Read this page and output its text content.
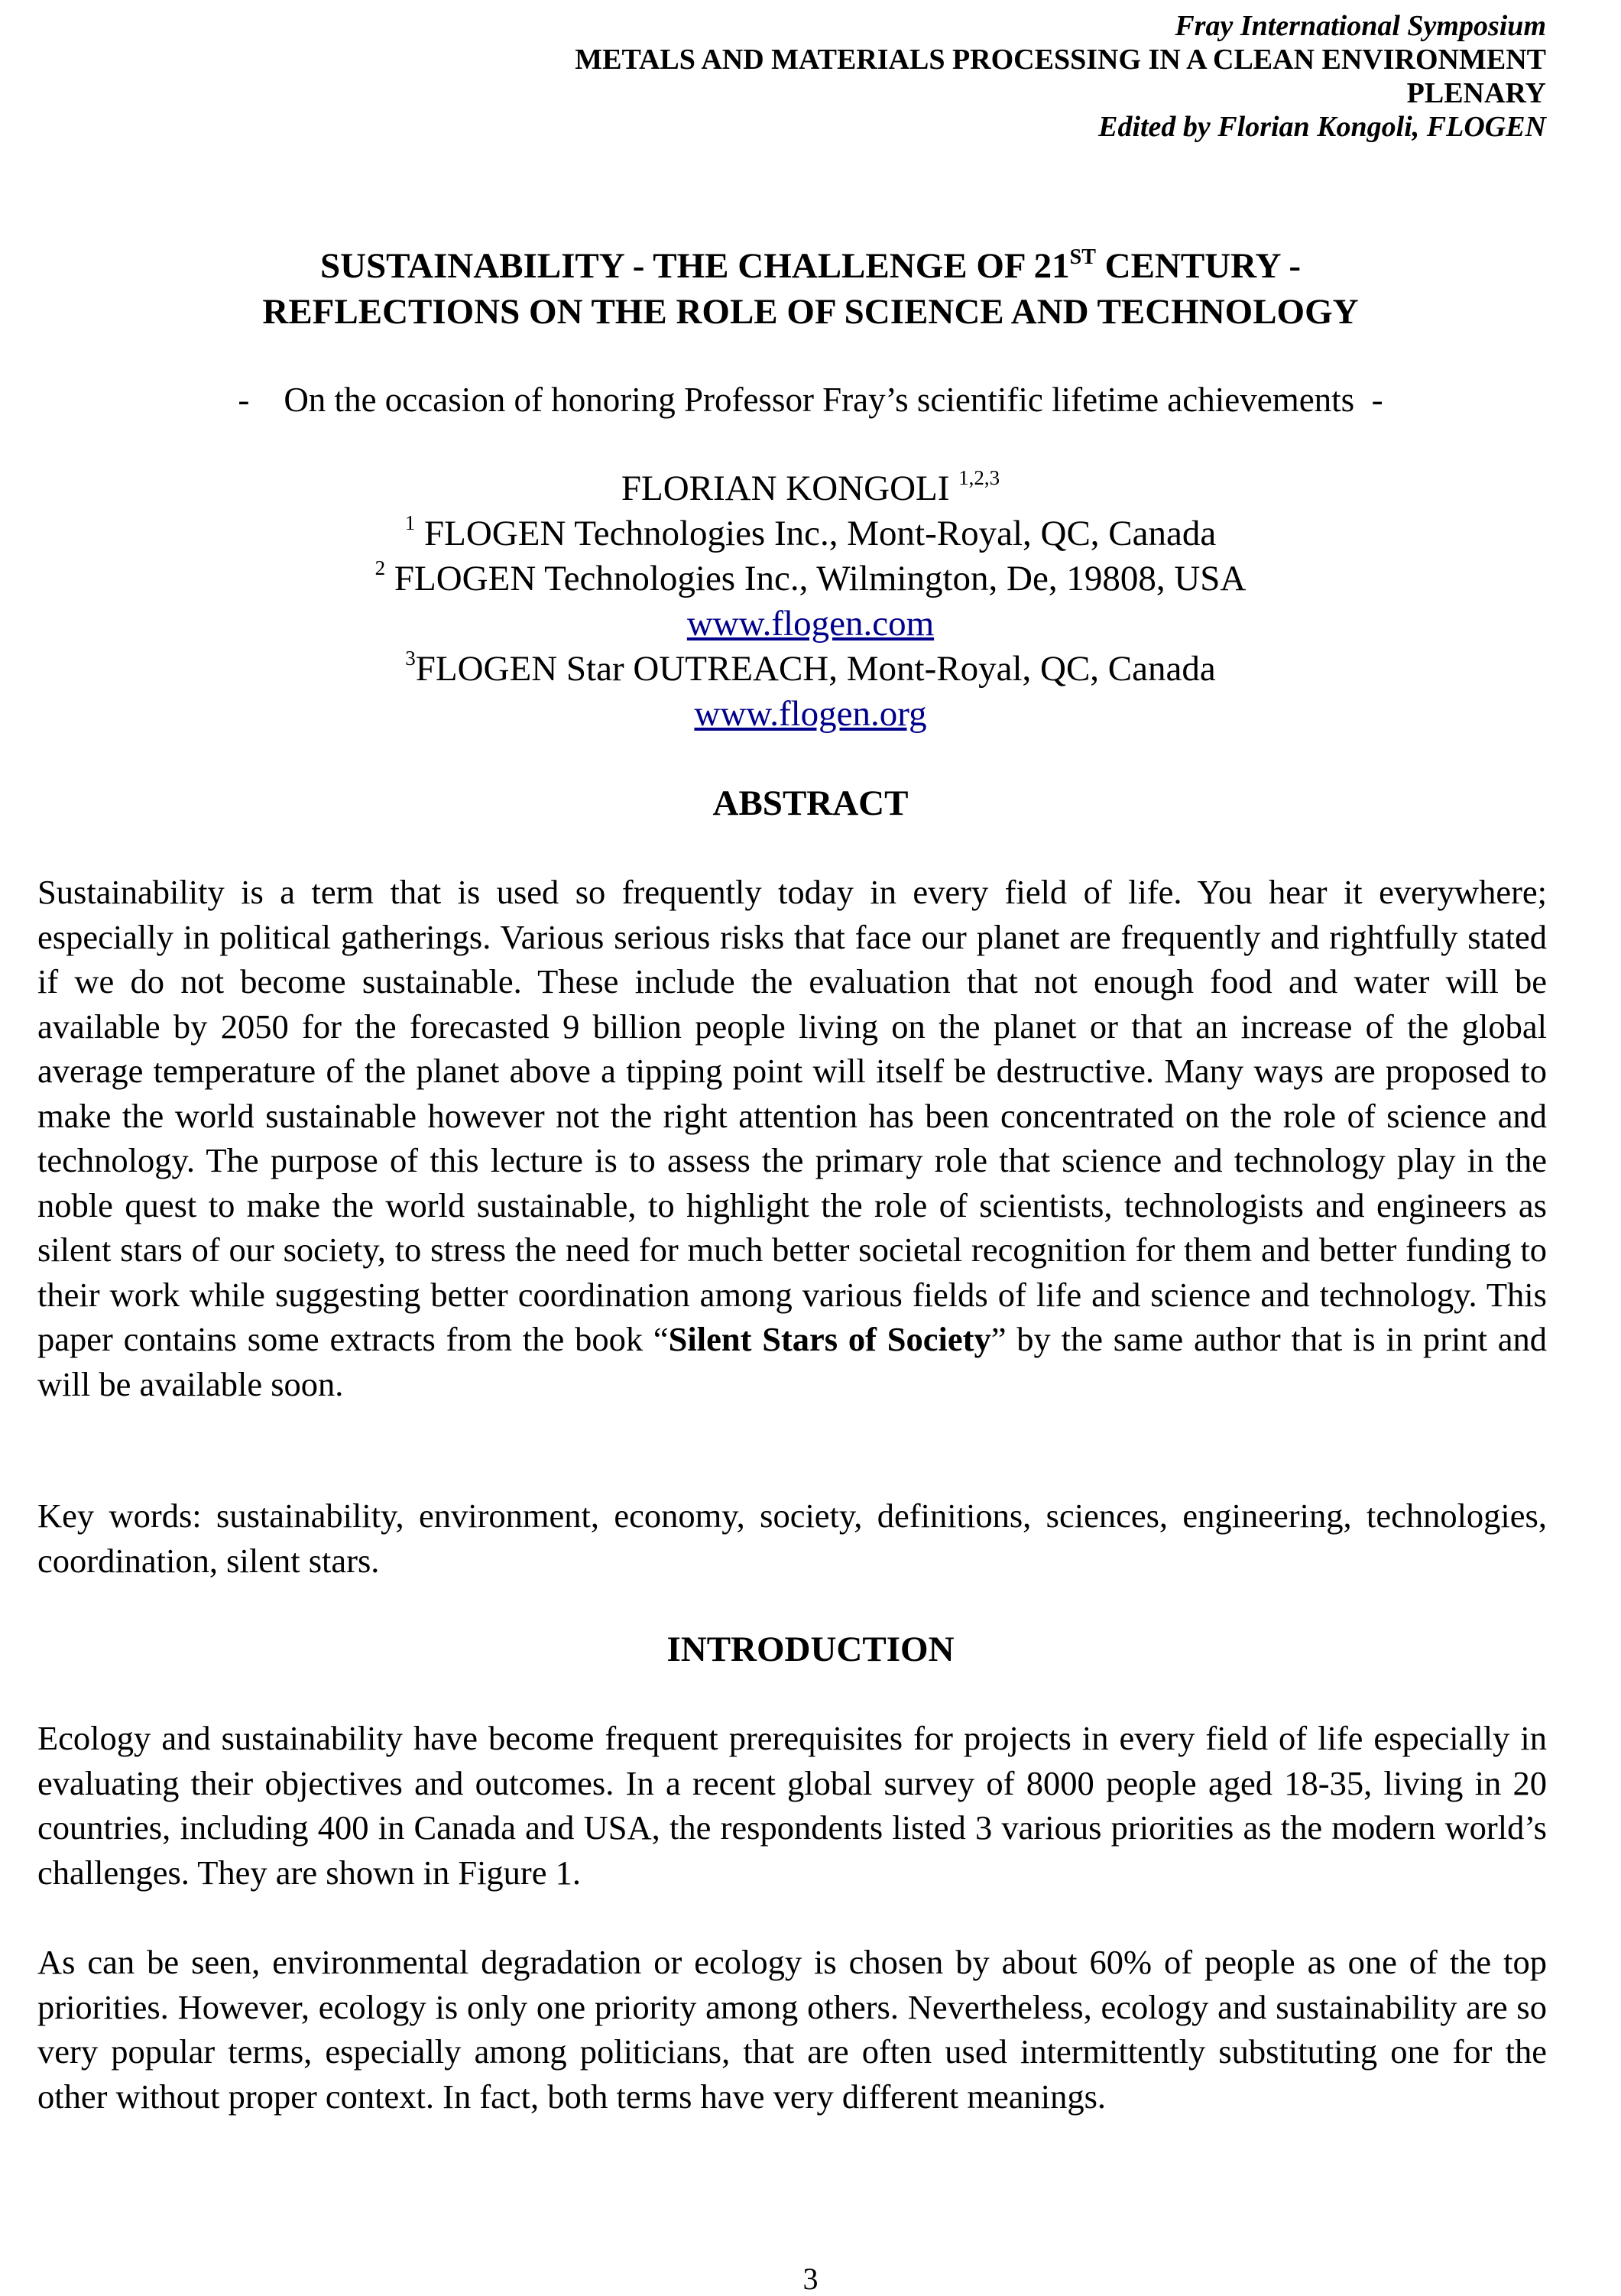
Fray International Symposium
METALS AND MATERIALS PROCESSING IN A CLEAN ENVIRONMENT
PLENARY
Edited by Florian Kongoli, FLOGEN
SUSTAINABILITY - THE CHALLENGE OF 21ST CENTURY -
REFLECTIONS ON THE ROLE OF SCIENCE AND TECHNOLOGY
-    On the occasion of honoring Professor Fray’s scientific lifetime achievements  -
FLORIAN KONGOLI $^{1,2,3}$
$^1$ FLOGEN Technologies Inc., Mont-Royal, QC, Canada
$^2$ FLOGEN Technologies Inc., Wilmington, De, 19808, USA
www.flogen.com
$^3$FLOGEN Star OUTREACH, Mont-Royal, QC, Canada
www.flogen.org
ABSTRACT
Sustainability is a term that is used so frequently today in every field of life. You hear it everywhere; especially in political gatherings. Various serious risks that face our planet are frequently and rightfully stated if we do not become sustainable. These include the evaluation that not enough food and water will be available by 2050 for the forecasted 9 billion people living on the planet or that an increase of the global average temperature of the planet above a tipping point will itself be destructive. Many ways are proposed to make the world sustainable however not the right attention has been concentrated on the role of science and technology. The purpose of this lecture is to assess the primary role that science and technology play in the noble quest to make the world sustainable, to highlight the role of scientists, technologists and engineers as silent stars of our society, to stress the need for much better societal recognition for them and better funding to their work while suggesting better coordination among various fields of life and science and technology. This paper contains some extracts from the book “Silent Stars of Society” by the same author that is in print and will be available soon.
Key words: sustainability, environment, economy, society, definitions, sciences, engineering, technologies, coordination, silent stars.
INTRODUCTION
Ecology and sustainability have become frequent prerequisites for projects in every field of life especially in evaluating their objectives and outcomes. In a recent global survey of 8000 people aged 18-35, living in 20 countries, including 400 in Canada and USA, the respondents listed 3 various priorities as the modern world’s challenges. They are shown in Figure 1.
As can be seen, environmental degradation or ecology is chosen by about 60% of people as one of the top priorities. However, ecology is only one priority among others. Nevertheless, ecology and sustainability are so very popular terms, especially among politicians, that are often used intermittently substituting one for the other without proper context. In fact, both terms have very different meanings.
3
